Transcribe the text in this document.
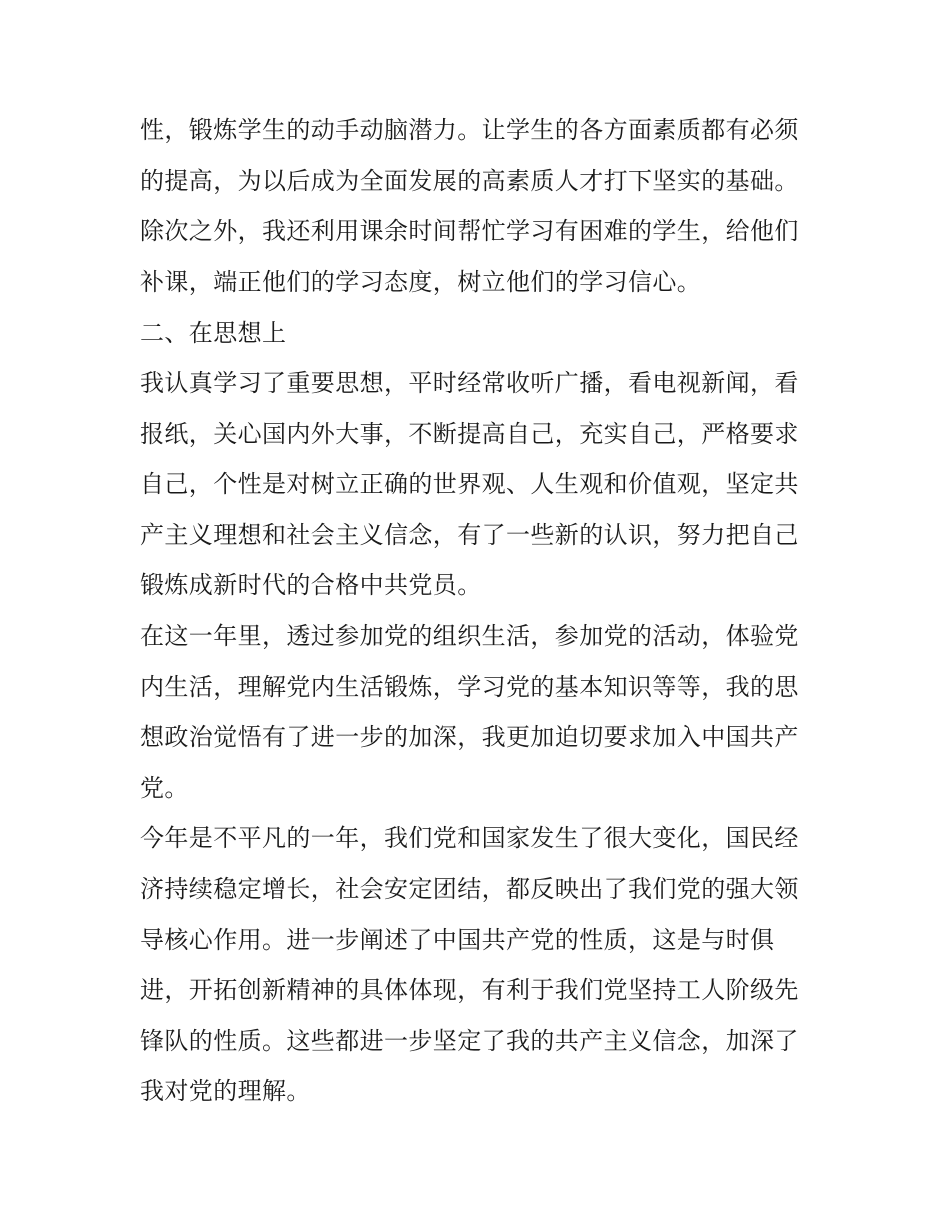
性，锻炼学生的动手动脑潜力。让学生的各方面素质都有必须

的提高，为以后成为全面发展的高素质人才打下坚实的基础。

除次之外，我还利用课余时间帮忙学习有困难的学生，给他们

补课，端正他们的学习态度，树立他们的学习信心。

二、在思想上

我认真学习了重要思想，平时经常收听广播，看电视新闻，看

报纸，关心国内外大事，不断提高自己，充实自己，严格要求

自己，个性是对树立正确的世界观、人生观和价值观，坚定共

产主义理想和社会主义信念，有了一些新的认识，努力把自己

锻炼成新时代的合格中共党员。

在这一年里，透过参加党的组织生活，参加党的活动，体验党

内生活，理解党内生活锻炼，学习党的基本知识等等，我的思

想政治觉悟有了进一步的加深，我更加迫切要求加入中国共产

党。

今年是不平凡的一年，我们党和国家发生了很大变化，国民经

济持续稳定增长，社会安定团结，都反映出了我们党的强大领

导核心作用。进一步阐述了中国共产党的性质，这是与时俱

进，开拓创新精神的具体体现，有利于我们党坚持工人阶级先

锋队的性质。这些都进一步坚定了我的共产主义信念，加深了

我对党的理解。
